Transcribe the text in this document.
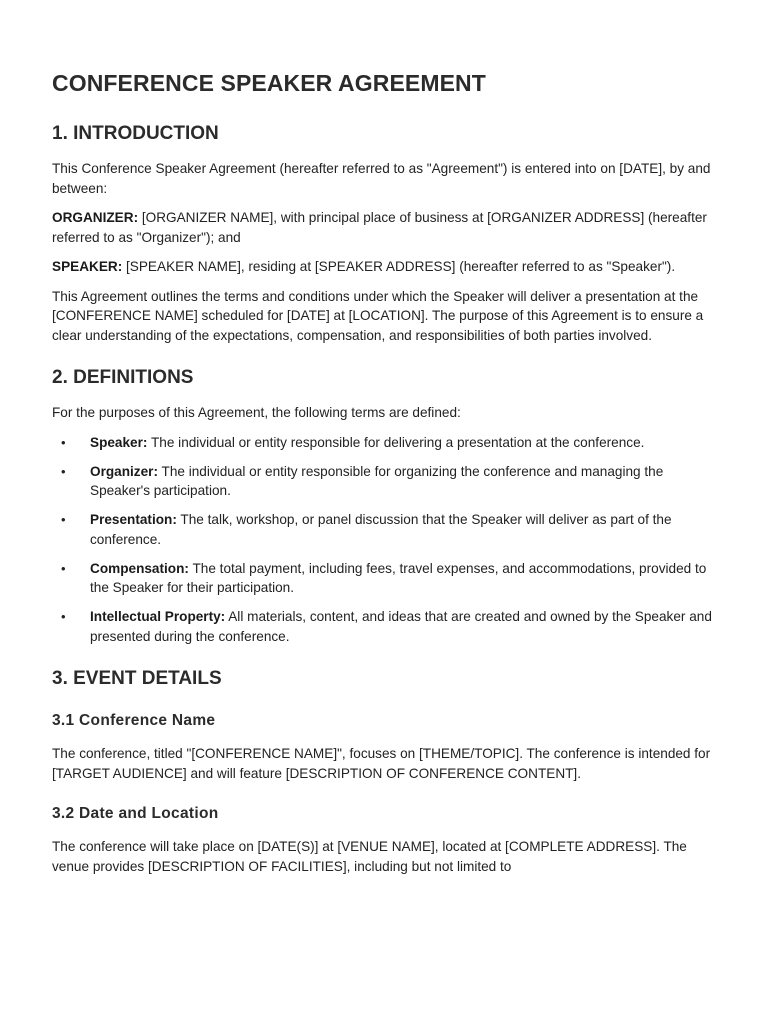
CONFERENCE SPEAKER AGREEMENT
1. INTRODUCTION

This Conference Speaker Agreement (hereafter referred to as "Agreement") is entered into on [DATE], by and between:

ORGANIZER: [ORGANIZER NAME], with principal place of business at [ORGANIZER ADDRESS] (hereafter referred to as "Organizer"); and

SPEAKER: [SPEAKER NAME], residing at [SPEAKER ADDRESS] (hereafter referred to as "Speaker").

This Agreement outlines the terms and conditions under which the Speaker will deliver a presentation at the [CONFERENCE NAME] scheduled for [DATE] at [LOCATION]. The purpose of this Agreement is to ensure a clear understanding of the expectations, compensation, and responsibilities of both parties involved.

2. DEFINITIONS

For the purposes of this Agreement, the following terms are defined:

• Speaker: The individual or entity responsible for delivering a presentation at the conference.
• Organizer: The individual or entity responsible for organizing the conference and managing the Speaker's participation.
• Presentation: The talk, workshop, or panel discussion that the Speaker will deliver as part of the conference.
• Compensation: The total payment, including fees, travel expenses, and accommodations, provided to the Speaker for their participation.
• Intellectual Property: All materials, content, and ideas that are created and owned by the Speaker and presented during the conference.
3. EVENT DETAILS
3.1 Conference Name

The conference, titled "[CONFERENCE NAME]", focuses on [THEME/TOPIC]. The conference is intended for [TARGET AUDIENCE] and will feature [DESCRIPTION OF CONFERENCE CONTENT].

3.2 Date and Location

The conference will take place on [DATE(S)] at [VENUE NAME], located at [COMPLETE ADDRESS]. The venue provides [DESCRIPTION OF FACILITIES], including but not limited to
